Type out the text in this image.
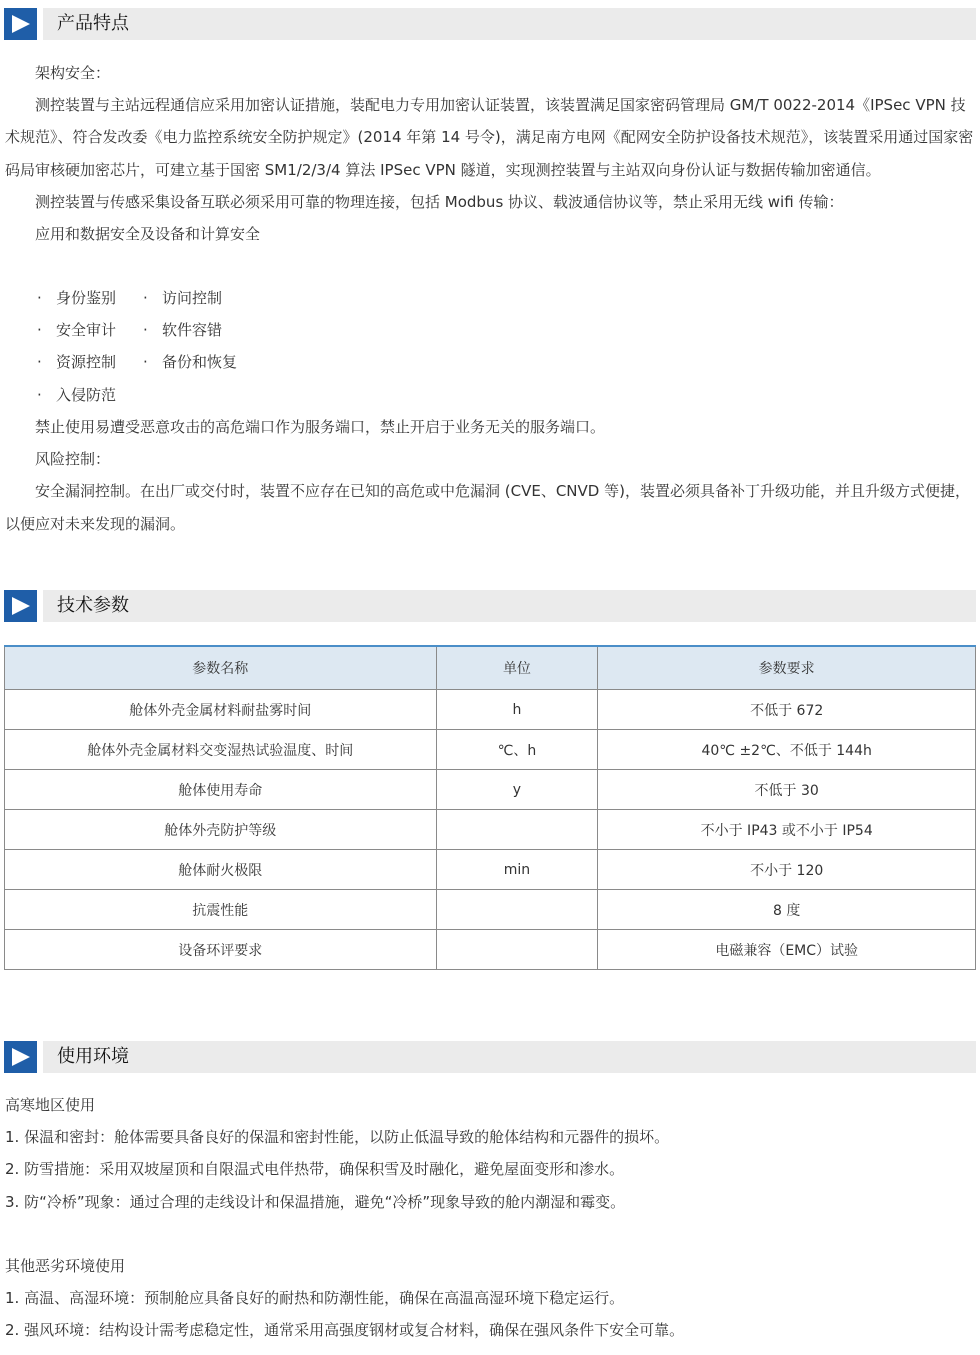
产品特点

架构安全：

测控装置与主站远程通信应采用加密认证措施，装配电力专用加密认证装置，该装置满足国家密码管理局 GM/T 0022-2014《IPSec VPN 技术规范》、符合发改委《电力监控系统安全防护规定》(2014 年第 14 号令)，满足南方电网《配网安全防护设备技术规范》，该装置采用通过国家密码局审核硬加密芯片，可建立基于国密 SM1/2/3/4 算法 IPSec VPN 隧道，实现测控装置与主站双向身份认证与数据传输加密通信。

测控装置与传感采集设备互联必须采用可靠的物理连接，包括 Modbus 协议、载波通信协议等，禁止采用无线 wifi 传输：

应用和数据安全及设备和计算安全

· 身份鉴别	· 访问控制
· 安全审计	· 软件容错
· 资源控制	· 备份和恢复
· 入侵防范

禁止使用易遭受恶意攻击的高危端口作为服务端口，禁止开启于业务无关的服务端口。

风险控制：

安全漏洞控制。在出厂或交付时，装置不应存在已知的高危或中危漏洞 (CVE、CNVD 等)，装置必须具备补丁升级功能，并且升级方式便捷，以便应对未来发现的漏洞。

技术参数
参数名称	单位	参数要求
舱体外壳金属材料耐盐雾时间	h	不低于 672
舱体外壳金属材料交变湿热试验温度、时间	℃、h	40℃ ±2℃、不低于 144h
舱体使用寿命	y	不低于 30
舱体外壳防护等级		不小于 IP43 或不小于 IP54
舱体耐火极限	min	不小于 120
抗震性能		8 度
设备环评要求		电磁兼容（EMC）试验
使用环境

高寒地区使用

1. 保温和密封：舱体需要具备良好的保温和密封性能，以防止低温导致的舱体结构和元器件的损坏。

2. 防雪措施：采用双坡屋顶和自限温式电伴热带，确保积雪及时融化，避免屋面变形和渗水。

3. 防“冷桥”现象：通过合理的走线设计和保温措施，避免“冷桥”现象导致的舱内潮湿和霉变。

其他恶劣环境使用

1. 高温、高湿环境：预制舱应具备良好的耐热和防潮性能，确保在高温高湿环境下稳定运行。

2. 强风环境：结构设计需考虑稳定性，通常采用高强度钢材或复合材料，确保在强风条件下安全可靠。
